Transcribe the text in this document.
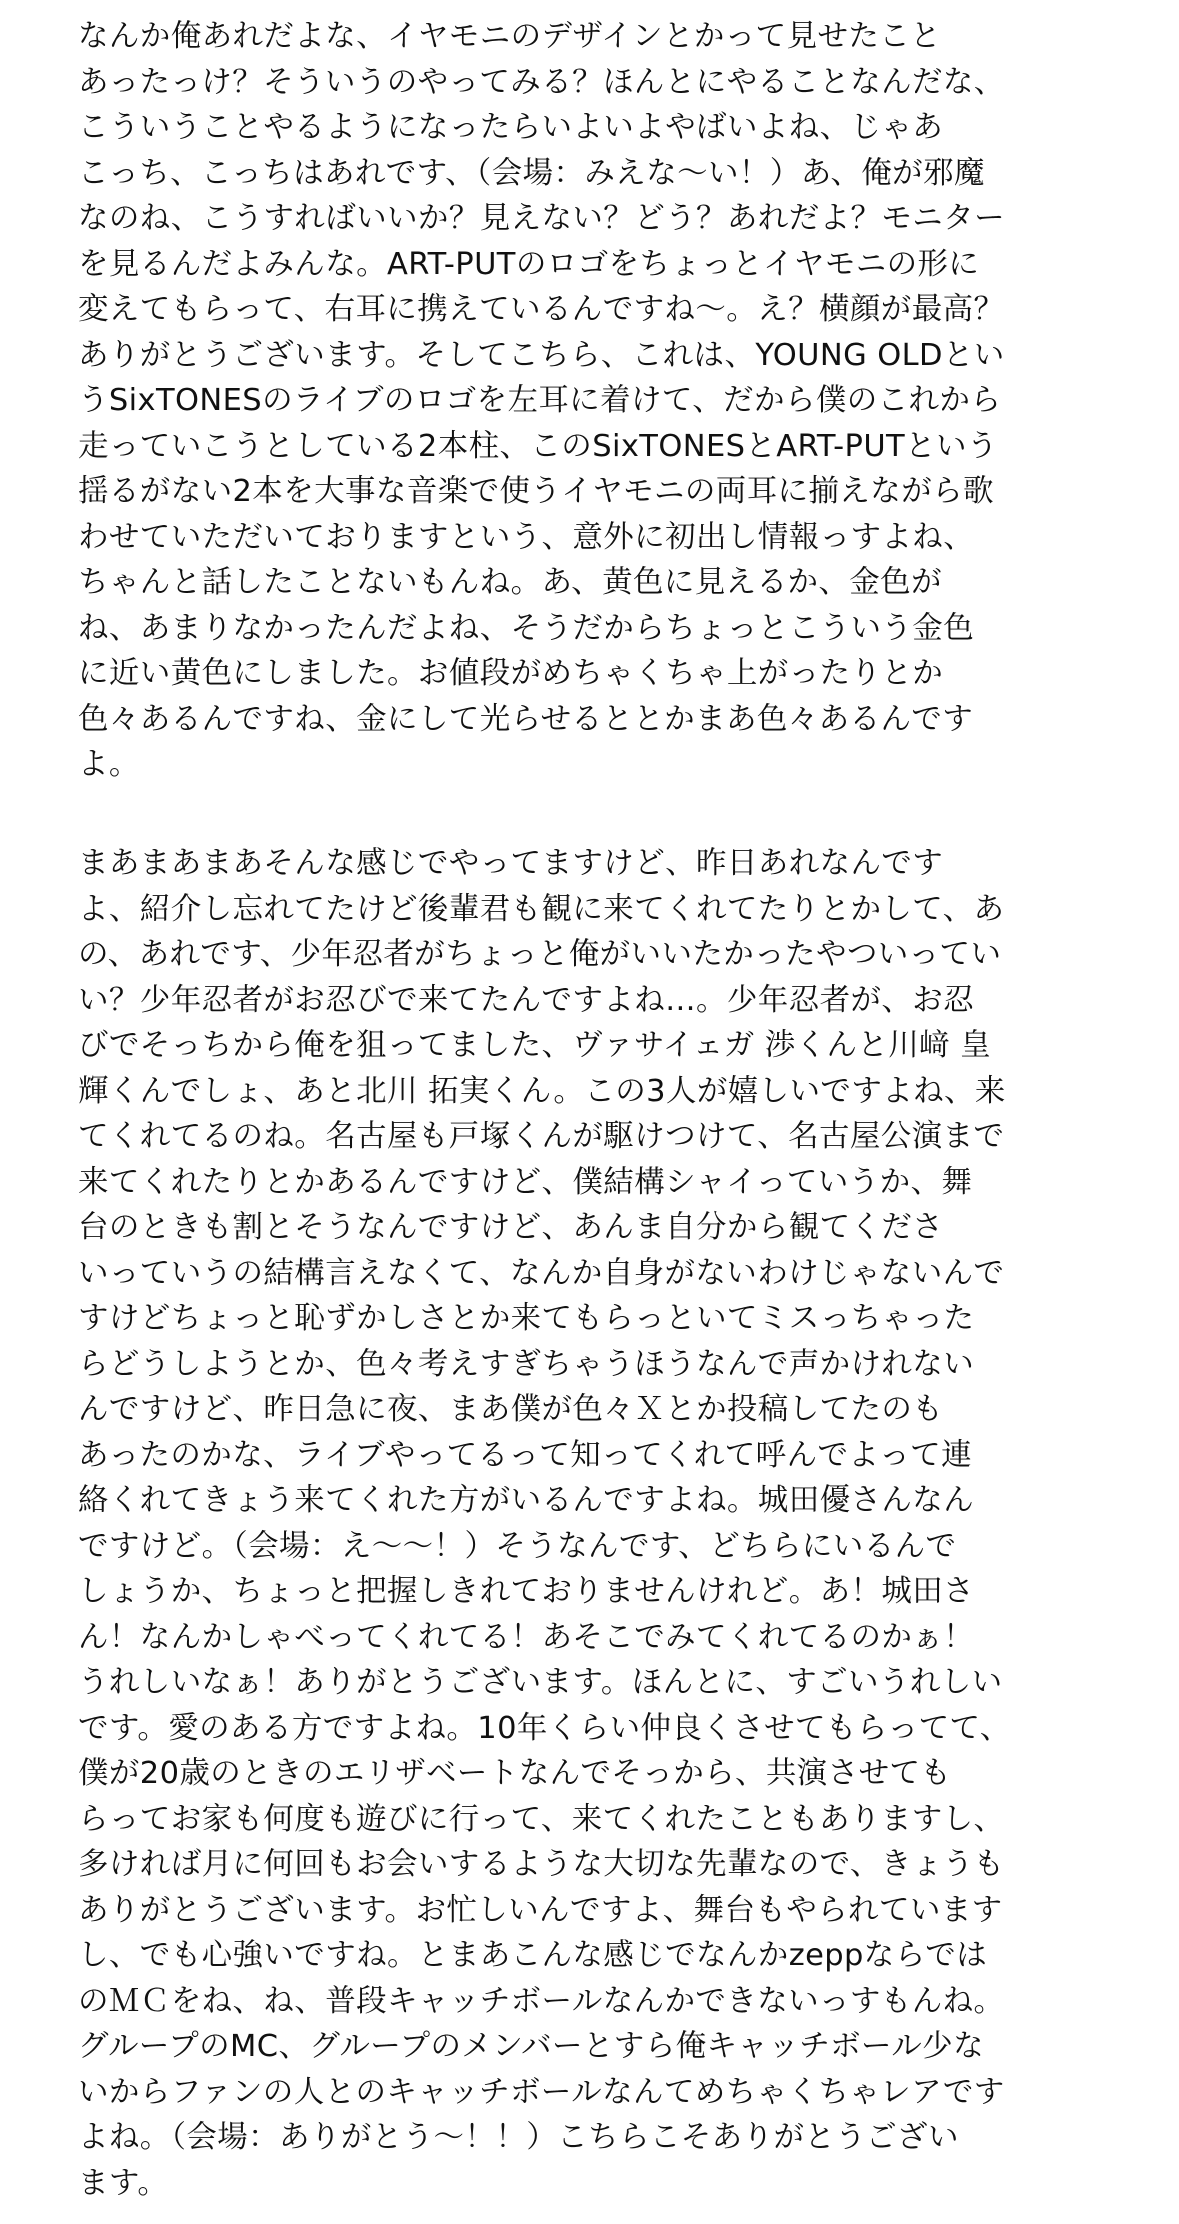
なんか俺あれだよな、イヤモニのデザインとかって見せたこと
あったっけ？そういうのやってみる？ほんとにやることなんだな、
こういうことやるようになったらいよいよやばいよね、じゃあ
こっち、こっちはあれです、（会場：みえな〜い！）あ、俺が邪魔
なのね、こうすればいいか？見えない？どう？あれだよ？モニター
を見るんだよみんな。ART-PUTのロゴをちょっとイヤモニの形に
変えてもらって、右耳に携えているんですね〜。え？横顔が最高？
ありがとうございます。そしてこちら、これは、YOUNG OLDとい
うSixTONESのライブのロゴを左耳に着けて、だから僕のこれから
走っていこうとしている2本柱、このSixTONESとART-PUTという
揺るがない2本を大事な音楽で使うイヤモニの両耳に揃えながら歌
わせていただいておりますという、意外に初出し情報っすよね、
ちゃんと話したことないもんね。あ、黄色に見えるか、金色が
ね、あまりなかったんだよね、そうだからちょっとこういう金色
に近い黄色にしました。お値段がめちゃくちゃ上がったりとか
色々あるんですね、金にして光らせるととかまあ色々あるんです
よ。
まあまあまあそんな感じでやってますけど、昨日あれなんです
よ、紹介し忘れてたけど後輩君も観に来てくれてたりとかして、あ
の、あれです、少年忍者がちょっと俺がいいたかったやついってい
い？少年忍者がお忍びで来てたんですよね…。少年忍者が、お忍
びでそっちから俺を狙ってました、ヴァサイェガ 渉くんと川﨑 皇
輝くんでしょ、あと北川 拓実くん。この3人が嬉しいですよね、来
てくれてるのね。名古屋も戸塚くんが駆けつけて、名古屋公演まで
来てくれたりとかあるんですけど、僕結構シャイっていうか、舞
台のときも割とそうなんですけど、あんま自分から観てくださ
いっていうの結構言えなくて、なんか自身がないわけじゃないんで
すけどちょっと恥ずかしさとか来てもらっといてミスっちゃった
らどうしようとか、色々考えすぎちゃうほうなんで声かけれない
んですけど、昨日急に夜、まあ僕が色々Ｘとか投稿してたのも
あったのかな、ライブやってるって知ってくれて呼んでよって連
絡くれてきょう来てくれた方がいるんですよね。城田優さんなん
ですけど。（会場：え〜〜！）そうなんです、どちらにいるんで
しょうか、ちょっと把握しきれておりませんけれど。あ！城田さ
ん！なんかしゃべってくれてる！あそこでみてくれてるのかぁ！
うれしいなぁ！ありがとうございます。ほんとに、すごいうれしい
です。愛のある方ですよね。10年くらい仲良くさせてもらってて、
僕が20歳のときのエリザベートなんでそっから、共演させても
らってお家も何度も遊びに行って、来てくれたこともありますし、
多ければ月に何回もお会いするような大切な先輩なので、きょうも
ありがとうございます。お忙しいんですよ、舞台もやられています
し、でも心強いですね。とまあこんな感じでなんかzeppならでは
のＭＣをね、ね、普段キャッチボールなんかできないっすもんね。
グループのMC、グループのメンバーとすら俺キャッチボール少な
いからファンの人とのキャッチボールなんてめちゃくちゃレアです
よね。（会場：ありがとう〜！！）こちらこそありがとうござい
ます。
